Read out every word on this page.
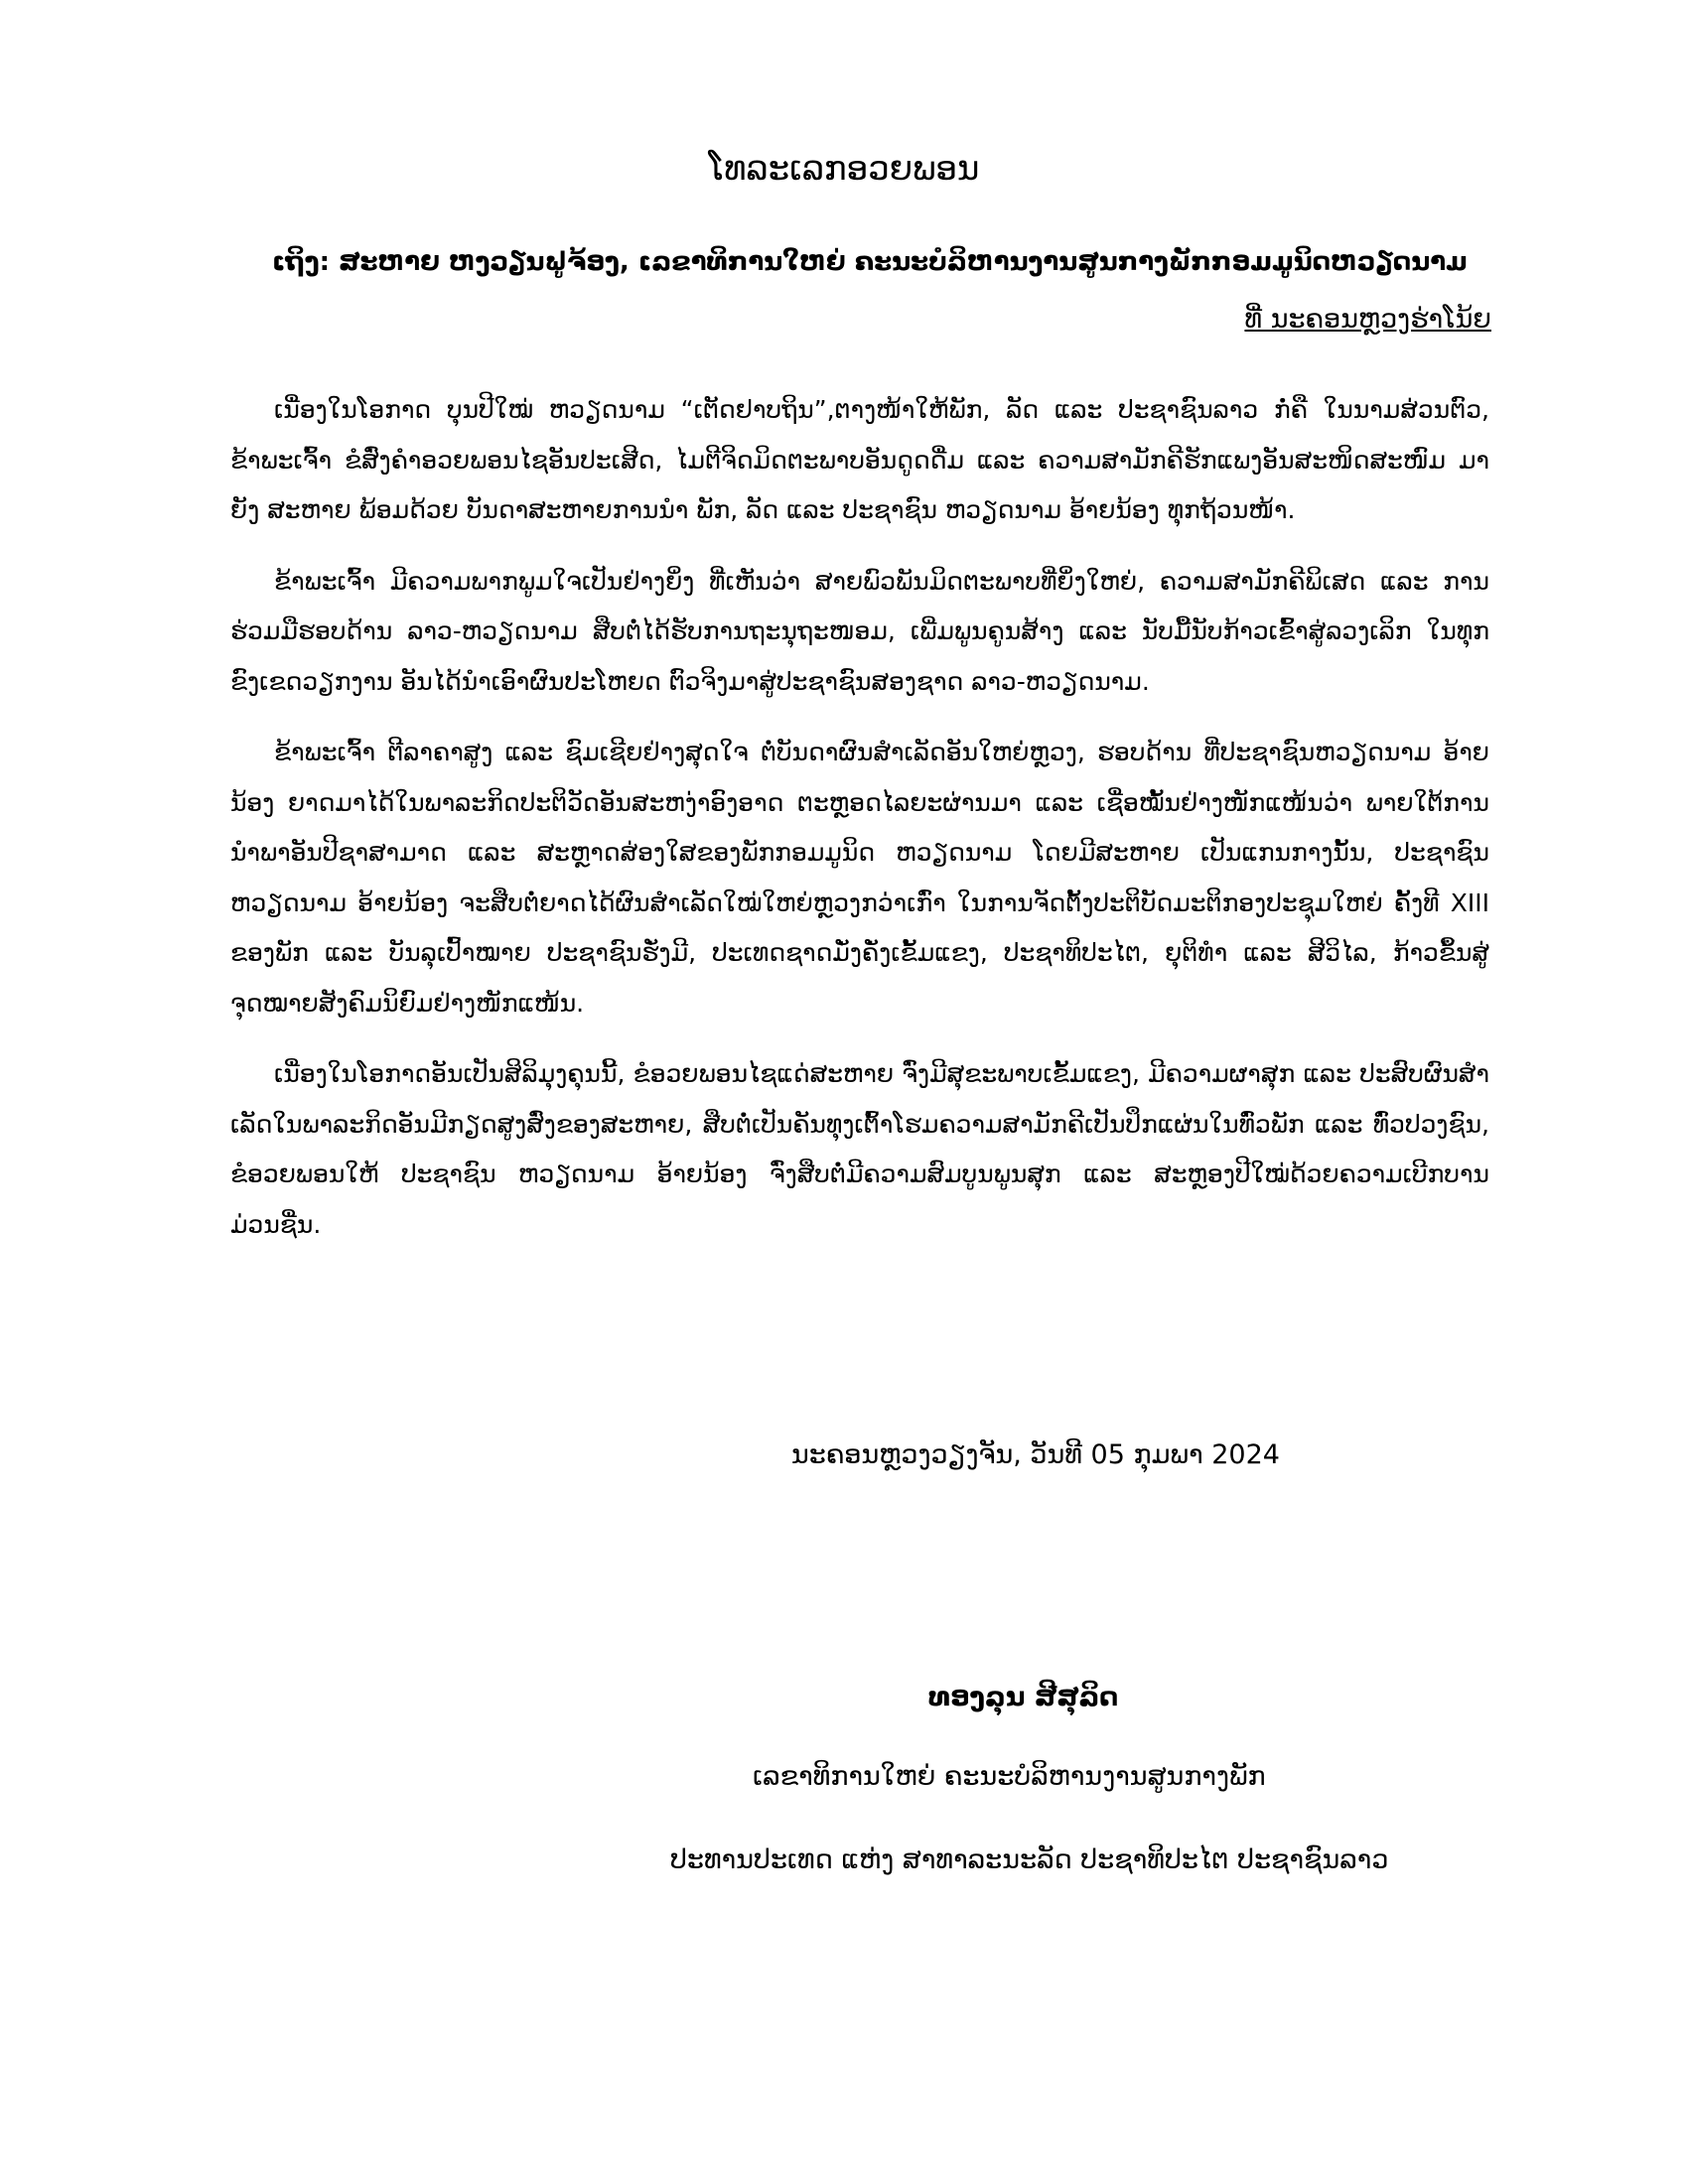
ໂທລະເລກອວຍພອນ
ເຖິງ: ສະຫາຍ ຫງວຽນຟູຈ້ອງ, ເລຂາທິການໃຫຍ່ ຄະນະບໍລິຫານງານສູນກາງພັກກອມມູນິດຫວຽດນາມ
ທີ່ ນະຄອນຫຼວງຮ່າໂນ້ຍ

ເນື່ອງໃນໂອກາດ ບຸນປີໃໝ່ ຫວຽດນາມ “ເຕັດຢາບຖິນ”,ຕາງໜ້າໃຫ້ພັກ, ລັດ ແລະ ປະຊາຊົນລາວ ກໍ່ຄື ໃນນາມສ່ວນຕົວ, ຂ້າພະເຈົ້າ ຂໍສົ່ງຄໍາອວຍພອນໄຊອັນປະເສີດ, ໄມຕີຈິດມິດຕະພາບອັນດູດດື່ມ ແລະ ຄວາມສາມັກຄີຮັກແພງອັນສະໜິດສະໜົມ ມາຍັງ ສະຫາຍ ພ້ອມດ້ວຍ ບັນດາສະຫາຍການນໍາ ພັກ, ລັດ ແລະ ປະຊາຊົນ ຫວຽດນາມ ອ້າຍນ້ອງ ທຸກຖ້ວນໜ້າ.

ຂ້າພະເຈົ້າ ມີຄວາມພາກພູມໃຈເປັນຢ່າງຍິ່ງ ທີ່ເຫັນວ່າ ສາຍພົວພັນມິດຕະພາບທີ່ຍິ່ງໃຫຍ່, ຄວາມສາມັກຄີພິເສດ ແລະ ການຮ່ວມມືຮອບດ້ານ ລາວ-ຫວຽດນາມ ສືບຕໍ່ໄດ້ຮັບການຖະນຸຖະໜອມ, ເພີ່ມພູນຄູນສ້າງ ແລະ ນັບມື້ນັບກ້າວເຂົ້າສູ່ລວງເລິກ ໃນທຸກຂົງເຂດວຽກງານ ອັນໄດ້ນໍາເອົາຜົນປະໂຫຍດ ຕົວຈິງມາສູ່ປະຊາຊົນສອງຊາດ ລາວ-ຫວຽດນາມ.

ຂ້າພະເຈົ້າ ຕີລາຄາສູງ ແລະ ຊົມເຊີຍຢ່າງສຸດໃຈ ຕໍ່ບັນດາຜົນສໍາເລັດອັນໃຫຍ່ຫຼວງ, ຮອບດ້ານ ທີ່ປະຊາຊົນຫວຽດນາມ ອ້າຍນ້ອງ ຍາດມາໄດ້ໃນພາລະກິດປະຕິວັດອັນສະຫງ່າອົງອາດ ຕະຫຼອດໄລຍະຜ່ານມາ ແລະ ເຊື່ອໝັ້ນຢ່າງໜັກແໜ້ນວ່າ ພາຍໃຕ້ການນໍາພາອັນປີຊາສາມາດ ແລະ ສະຫຼາດສ່ອງໃສຂອງພັກກອມມູນິດ ຫວຽດນາມ ໂດຍມີສະຫາຍ ເປັນແກນກາງນັ້ນ, ປະຊາຊົນ ຫວຽດນາມ ອ້າຍນ້ອງ ຈະສືບຕໍ່ຍາດໄດ້ຜົນສໍາເລັດໃໝ່ໃຫຍ່ຫຼວງກວ່າເກົ່າ ໃນການຈັດຕັ້ງປະຕິບັດມະຕິກອງປະຊຸມໃຫຍ່ ຄັ້ງທີ XIII ຂອງພັກ ແລະ ບັນລຸເປົ້າໝາຍ ປະຊາຊົນຮັ່ງມີ, ປະເທດຊາດມັ່ງຄັ່ງເຂັ້ມແຂງ, ປະຊາທິປະໄຕ, ຍຸຕິທໍາ ແລະ ສີວິໄລ, ກ້າວຂຶ້ນສູ່ຈຸດໝາຍສັງຄົມນິຍົມຢ່າງໜັກແໜ້ນ.

ເນື່ອງໃນໂອກາດອັນເປັນສິລິມຸງຄຸນນີ້, ຂໍອວຍພອນໄຊແດ່ສະຫາຍ ຈົ່ງມີສຸຂະພາບເຂັ້ມແຂງ, ມີຄວາມຜາສຸກ ແລະ ປະສົບຜົນສໍາເລັດໃນພາລະກິດອັນມີກຽດສູງສົ່ງຂອງສະຫາຍ, ສືບຕໍ່ເປັນຄັນທຸງເຕົ້າໂຮມຄວາມສາມັກຄີເປັນປຶກແຜ່ນໃນທົ່ວພັກ ແລະ ທົ່ວປວງຊົນ, ຂໍອວຍພອນໃຫ້ ປະຊາຊົນ ຫວຽດນາມ ອ້າຍນ້ອງ ຈົ່ງສືບຕໍ່ມີຄວາມສົມບູນພູນສຸກ ແລະ ສະຫຼອງປີໃໝ່ດ້ວຍຄວາມເບີກບານມ່ວນຊື່ນ.

ນະຄອນຫຼວງວຽງຈັນ, ວັນທີ 05 ກຸມພາ 2024
ທອງລຸນ ສີສຸລິດ
ເລຂາທິການໃຫຍ່ ຄະນະບໍລິຫານງານສູນກາງພັກ
ປະທານປະເທດ ແຫ່ງ ສາທາລະນະລັດ ປະຊາທິປະໄຕ ປະຊາຊົນລາວ
